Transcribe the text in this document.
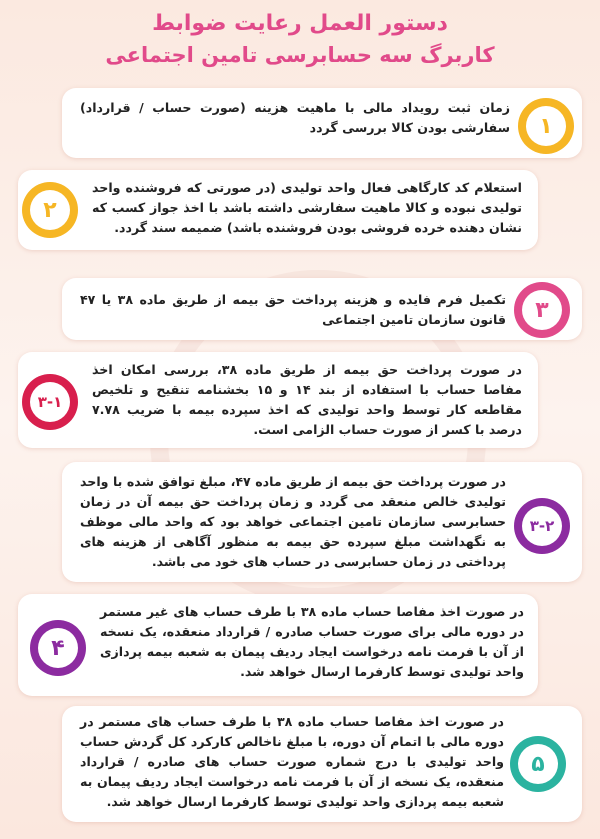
دستور العمل رعایت ضوابط
کاربرگ سه حسابرسی تامین اجتماعی
۱
زمان ثبت رویداد مالی با ماهیت هزینه (صورت حساب / قرارداد) سفارشی بودن کالا بررسی گردد
۲
استعلام کد کارگاهی فعال واحد تولیدی (در صورتی که فروشنده واحد تولیدی نبوده و کالا ماهیت سفارشی داشته باشد با اخذ جواز کسب که نشان دهنده خرده فروشی بودن فروشنده باشد) ضمیمه سند گردد.
۳
تکمیل فرم فایده و هزینه پرداخت حق بیمه از طریق ماده ۳۸ یا ۴۷ قانون سازمان تامین اجتماعی
۳-۱
در صورت پرداخت حق بیمه از طریق ماده ۳۸، بررسی امکان اخذ مفاصا حساب با استفاده از بند ۱۴ و ۱۵ بخشنامه تنقیح و تلخیص مقاطعه کار توسط واحد تولیدی که اخذ سپرده بیمه با ضریب ۷.۷۸ درصد با کسر از صورت حساب الزامی است.
۳-۲
در صورت پرداخت حق بیمه از طریق ماده ۴۷، مبلغ توافق شده با واحد تولیدی خالص منعقد می گردد و زمان پرداخت حق بیمه آن در زمان حسابرسی سازمان تامین اجتماعی خواهد بود که واحد مالی موظف به نگهداشت مبلغ سپرده حق بیمه به منظور آگاهی از هزینه های پرداختی در زمان حسابرسی در حساب های خود می باشد.
۴
در صورت اخذ مفاصا حساب ماده ۳۸ با طرف حساب های غیر مستمر در دوره مالی برای صورت حساب صادره / قرارداد منعقده، یک نسخه از آن با فرمت نامه درخواست ایجاد ردیف پیمان به شعبه بیمه پردازی واحد تولیدی توسط کارفرما ارسال خواهد شد.
۵
در صورت اخذ مفاصا حساب ماده ۳۸ با طرف حساب های مستمر در دوره مالی با اتمام آن دوره، با مبلغ ناخالص کارکرد کل گردش حساب واحد تولیدی با درج شماره صورت حساب های صادره / قرارداد منعقده، یک نسخه از آن با فرمت نامه درخواست ایجاد ردیف پیمان به شعبه بیمه پردازی واحد تولیدی توسط کارفرما ارسال خواهد شد.
